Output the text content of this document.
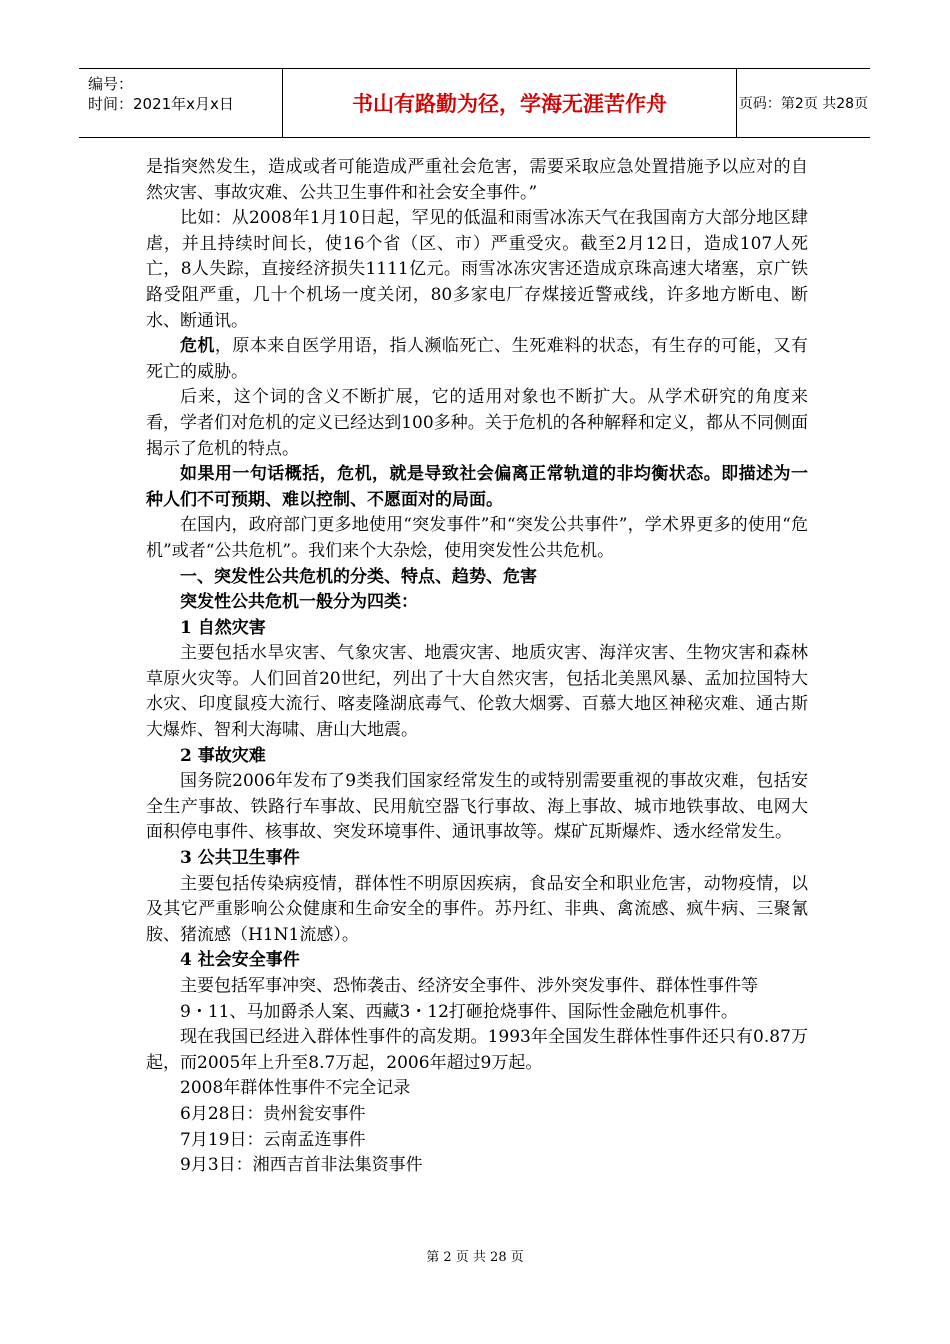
编号：
时间：2021年x月x日	书山有路勤为径，学海无涯苦作舟	页码：第2页 共28页

是指突然发生，造成或者可能造成严重社会危害，需要采取应急处置措施予以应对的自然灾害、事故灾难、公共卫生事件和社会安全事件。”

比如：从2008年1月10日起，罕见的低温和雨雪冰冻天气在我国南方大部分地区肆虐，并且持续时间长，使16个省（区、市）严重受灾。截至2月12日，造成107人死亡，8人失踪，直接经济损失1111亿元。雨雪冰冻灾害还造成京珠高速大堵塞，京广铁路受阻严重，几十个机场一度关闭，80多家电厂存煤接近警戒线，许多地方断电、断水、断通讯。

危机，原本来自医学用语，指人濒临死亡、生死难料的状态，有生存的可能，又有死亡的威胁。

后来，这个词的含义不断扩展，它的适用对象也不断扩大。从学术研究的角度来看，学者们对危机的定义已经达到100多种。关于危机的各种解释和定义，都从不同侧面揭示了危机的特点。

如果用一句话概括，危机，就是导致社会偏离正常轨道的非均衡状态。即描述为一种人们不可预期、难以控制、不愿面对的局面。

在国内，政府部门更多地使用“突发事件”和“突发公共事件”，学术界更多的使用“危机”或者“公共危机”。我们来个大杂烩，使用突发性公共危机。

一、突发性公共危机的分类、特点、趋势、危害

突发性公共危机一般分为四类：

1 自然灾害

主要包括水旱灾害、气象灾害、地震灾害、地质灾害、海洋灾害、生物灾害和森林草原火灾等。人们回首20世纪，列出了十大自然灾害，包括北美黑风暴、孟加拉国特大水灾、印度鼠疫大流行、喀麦隆湖底毒气、伦敦大烟雾、百慕大地区神秘灾难、通古斯大爆炸、智利大海啸、唐山大地震。

2 事故灾难

国务院2006年发布了9类我们国家经常发生的或特别需要重视的事故灾难，包括安全生产事故、铁路行车事故、民用航空器飞行事故、海上事故、城市地铁事故、电网大面积停电事件、核事故、突发环境事件、通讯事故等。煤矿瓦斯爆炸、透水经常发生。

3 公共卫生事件

主要包括传染病疫情，群体性不明原因疾病，食品安全和职业危害，动物疫情，以及其它严重影响公众健康和生命安全的事件。苏丹红、非典、禽流感、疯牛病、三聚氰胺、猪流感（H1N1流感）。

4 社会安全事件

主要包括军事冲突、恐怖袭击、经济安全事件、涉外突发事件、群体性事件等

9・11、马加爵杀人案、西藏3・12打砸抢烧事件、国际性金融危机事件。

现在我国已经进入群体性事件的高发期。1993年全国发生群体性事件还只有0.87万起，而2005年上升至8.7万起，2006年超过9万起。

2008年群体性事件不完全记录

6月28日：贵州瓮安事件

7月19日：云南孟连事件

9月3日：湘西吉首非法集资事件

第 2 页 共 28 页
